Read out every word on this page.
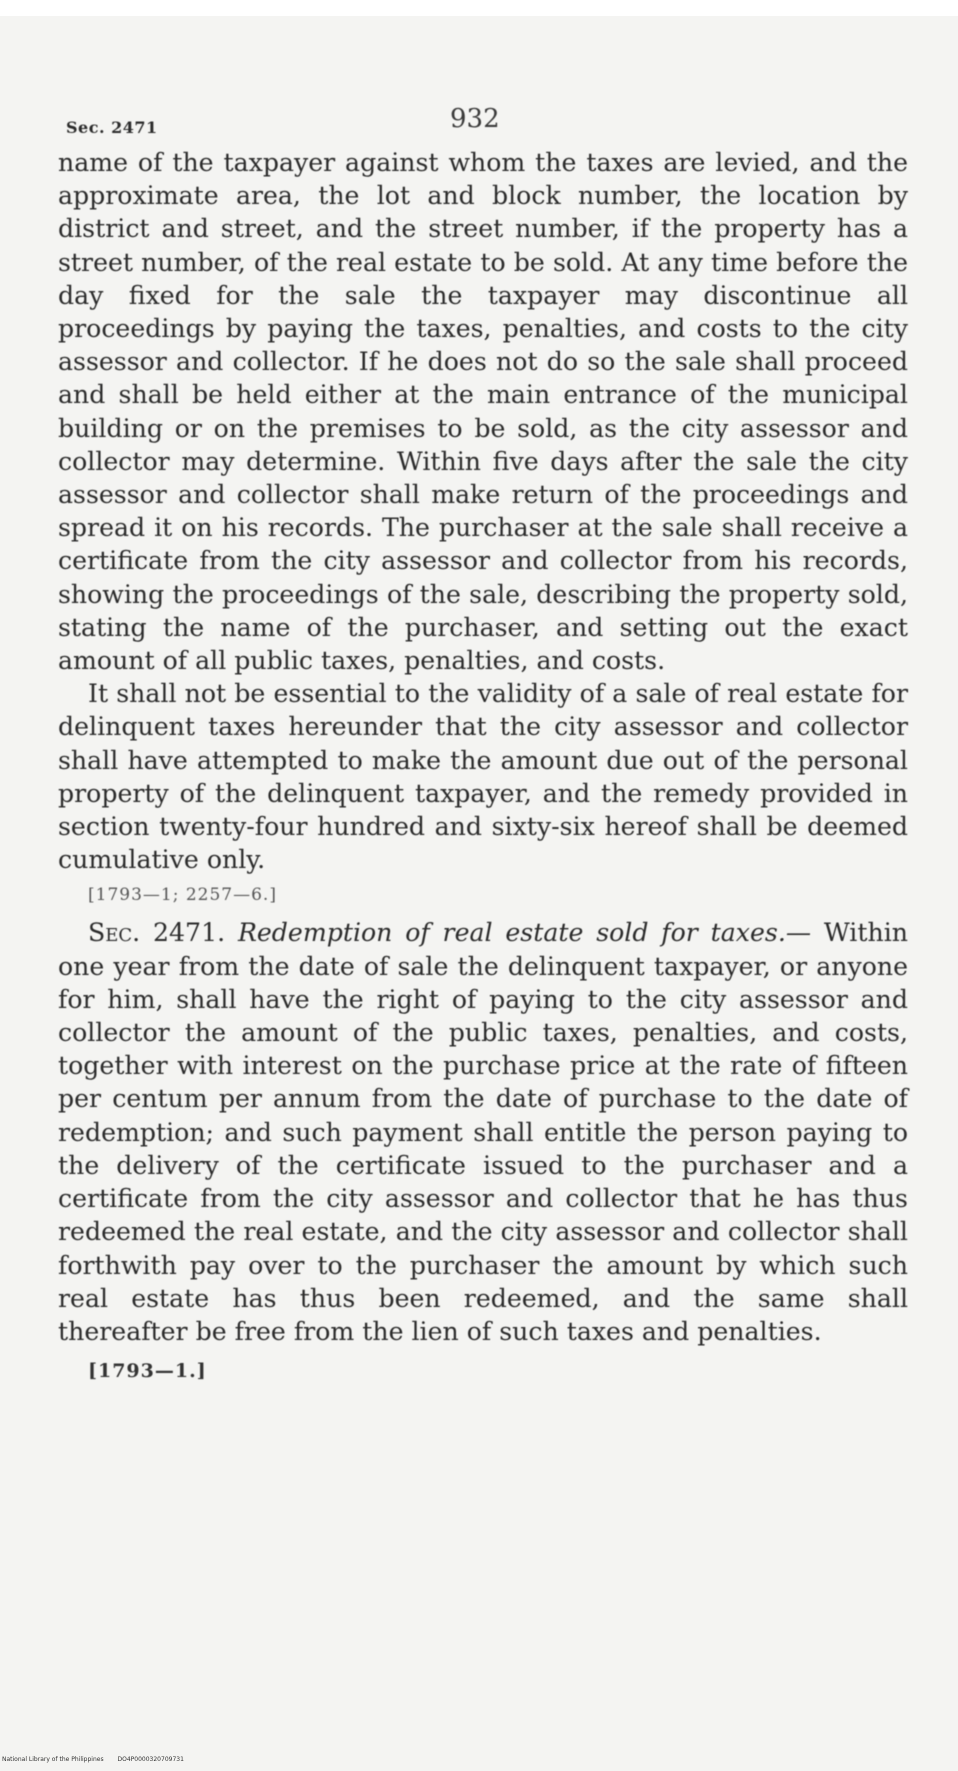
Sec. 2471	932

name of the taxpayer against whom the taxes are levied, and the approximate area, the lot and block number, the location by district and street, and the street number, if the property has a street number, of the real estate to be sold. At any time before the day fixed for the sale the taxpayer may discontinue all proceedings by paying the taxes, penalties, and costs to the city assessor and collector. If he does not do so the sale shall proceed and shall be held either at the main entrance of the municipal building or on the premises to be sold, as the city assessor and collector may determine. Within five days after the sale the city assessor and collector shall make return of the proceedings and spread it on his records. The purchaser at the sale shall receive a certificate from the city assessor and collector from his records, showing the proceedings of the sale, describing the property sold, stating the name of the purchaser, and setting out the exact amount of all public taxes, penalties, and costs.

It shall not be essential to the validity of a sale of real estate for delinquent taxes hereunder that the city assessor and collector shall have attempted to make the amount due out of the personal property of the delinquent taxpayer, and the remedy provided in section twenty-four hundred and sixty-six hereof shall be deemed cumulative only.

[1793—1; 2257—6.]

Sec. 2471. Redemption of real estate sold for taxes.— Within one year from the date of sale the delinquent taxpayer, or anyone for him, shall have the right of paying to the city assessor and collector the amount of the public taxes, penalties, and costs, together with interest on the purchase price at the rate of fifteen per centum per annum from the date of purchase to the date of redemption; and such payment shall entitle the person paying to the delivery of the certificate issued to the purchaser and a certificate from the city assessor and collector that he has thus redeemed the real estate, and the city assessor and collector shall forthwith pay over to the purchaser the amount by which such real estate has thus been redeemed, and the same shall thereafter be free from the lien of such taxes and penalties.

[1793—1.]
National Library of the Philippines DO4P0000320709731
